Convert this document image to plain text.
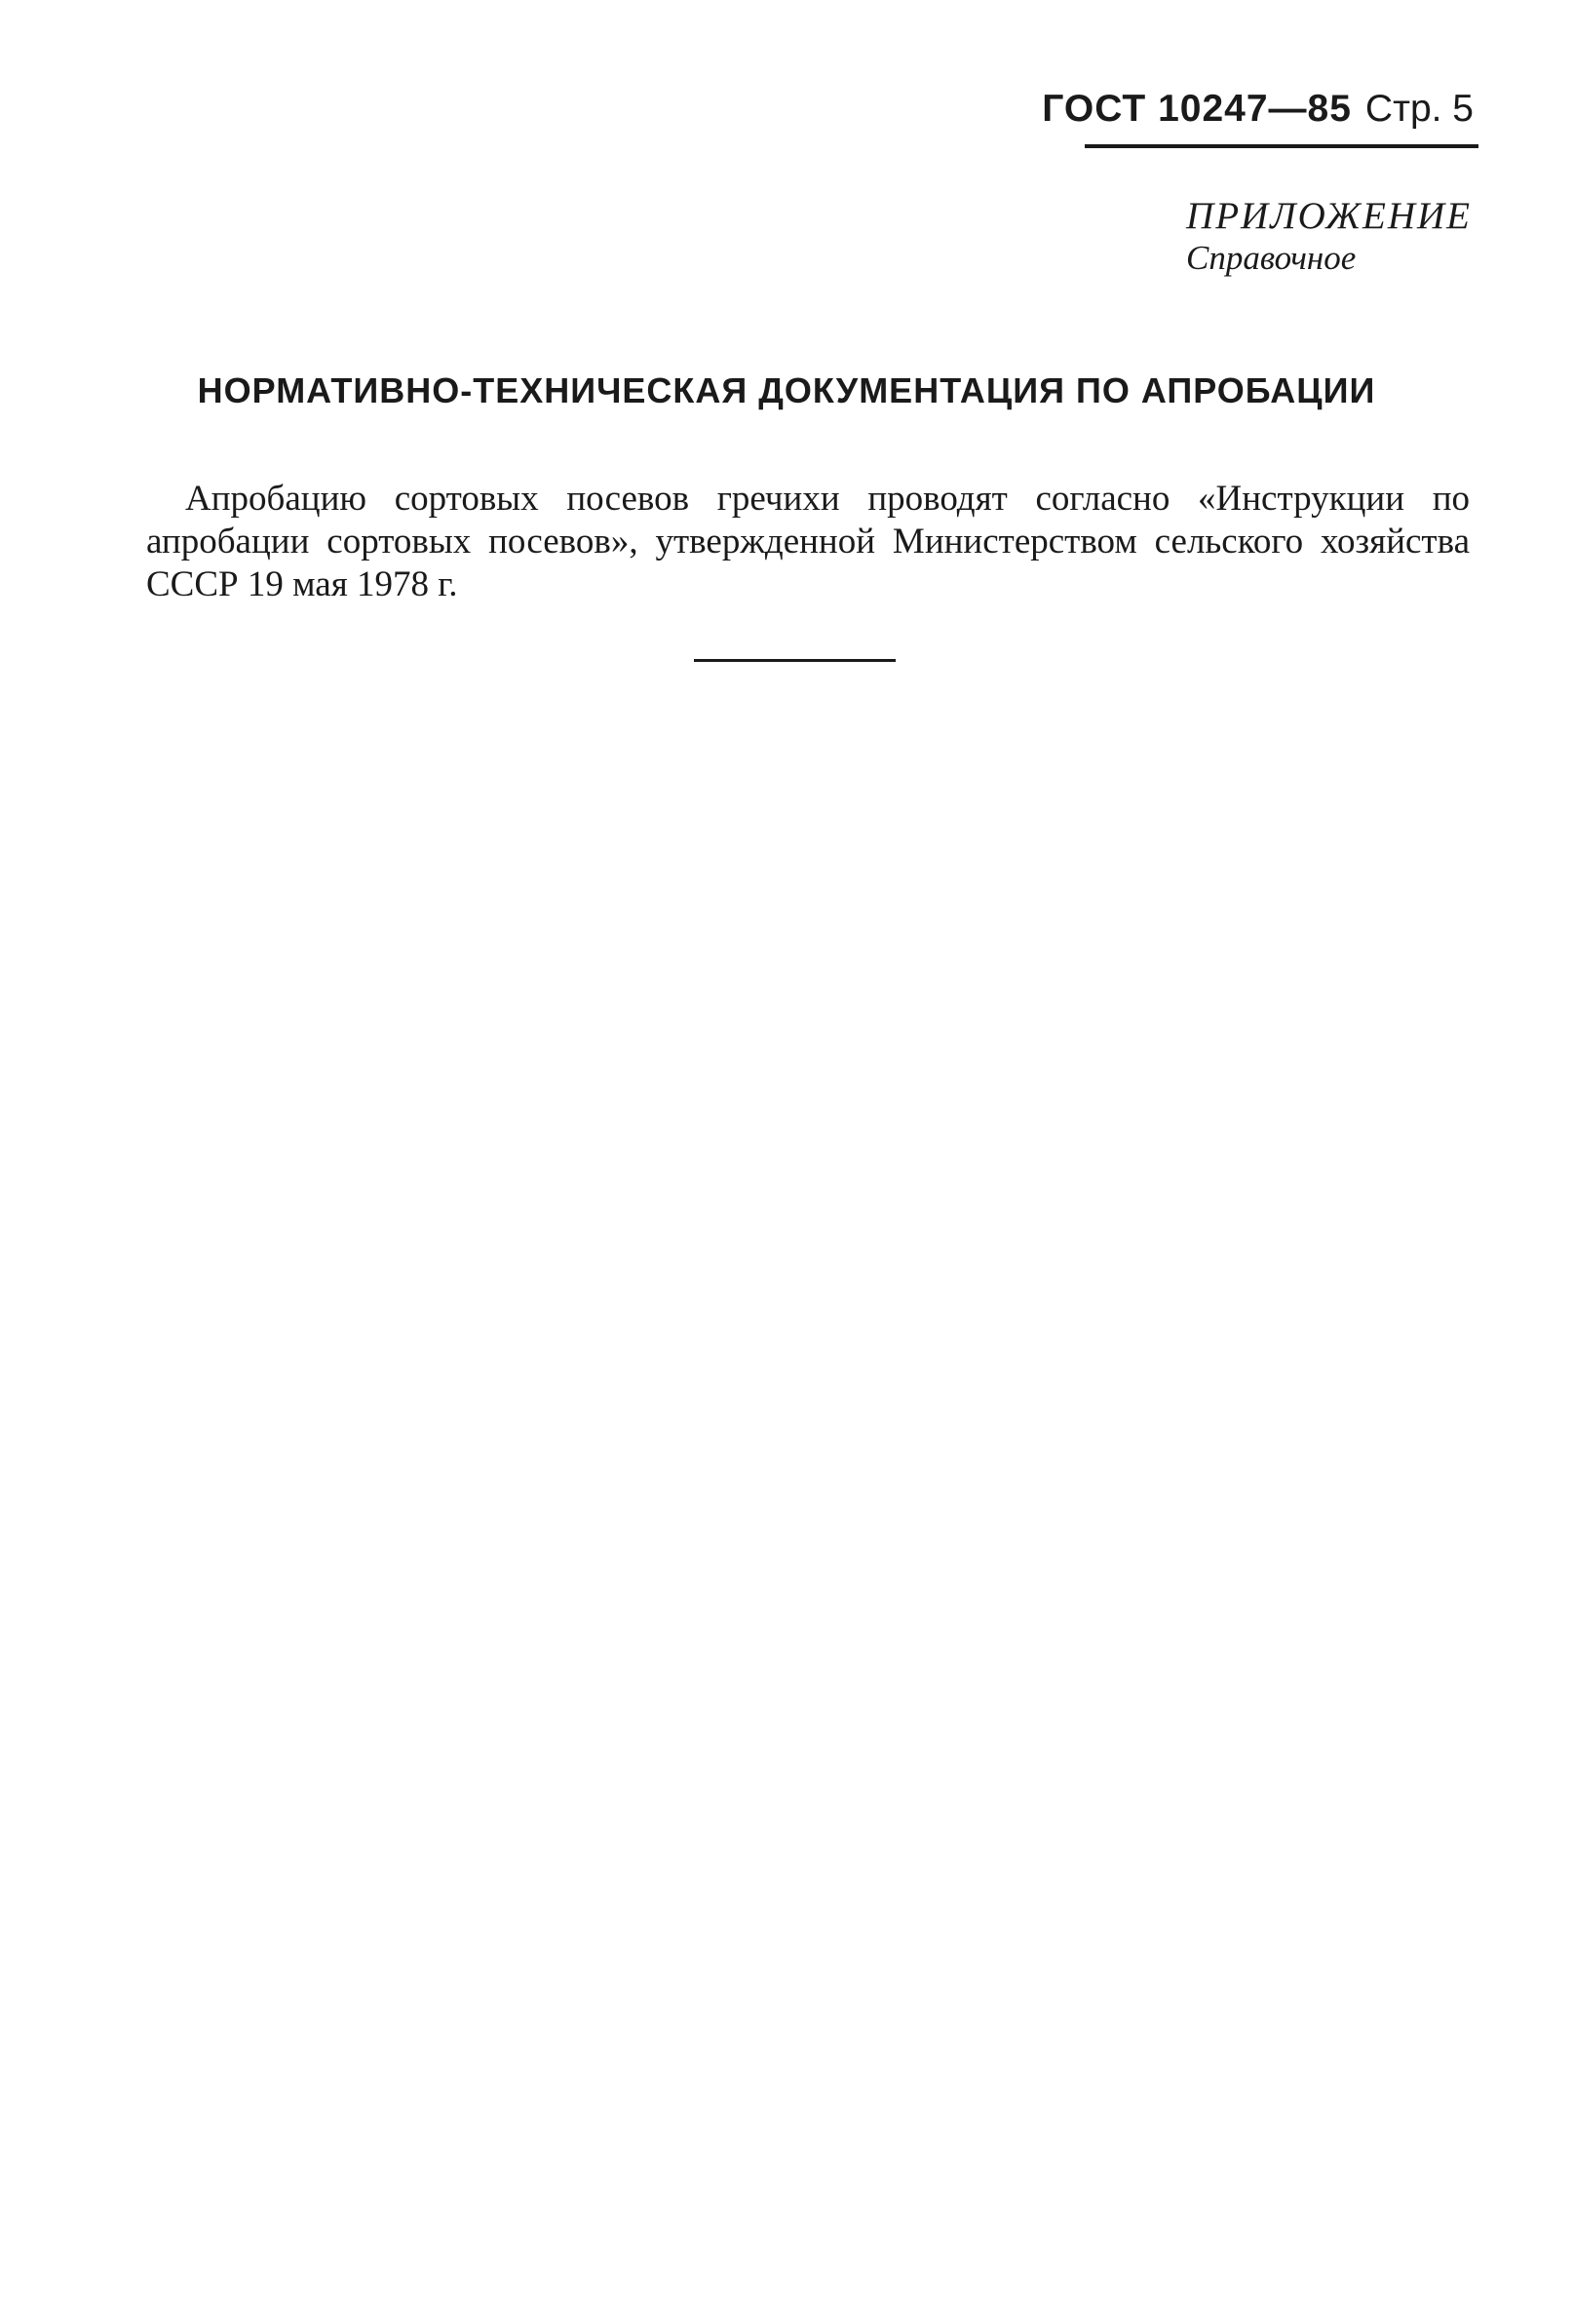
ГОСТ 10247—85 Стр. 5
ПРИЛОЖЕНИЕ
Справочное
НОРМАТИВНО-ТЕХНИЧЕСКАЯ ДОКУМЕНТАЦИЯ ПО АПРОБАЦИИ

Апробацию сортовых посевов гречихи проводят согласно «Инструкции по апробации сортовых посевов», утвержденной Министерством сельского хозяйства СССР 19 мая 1978 г.
